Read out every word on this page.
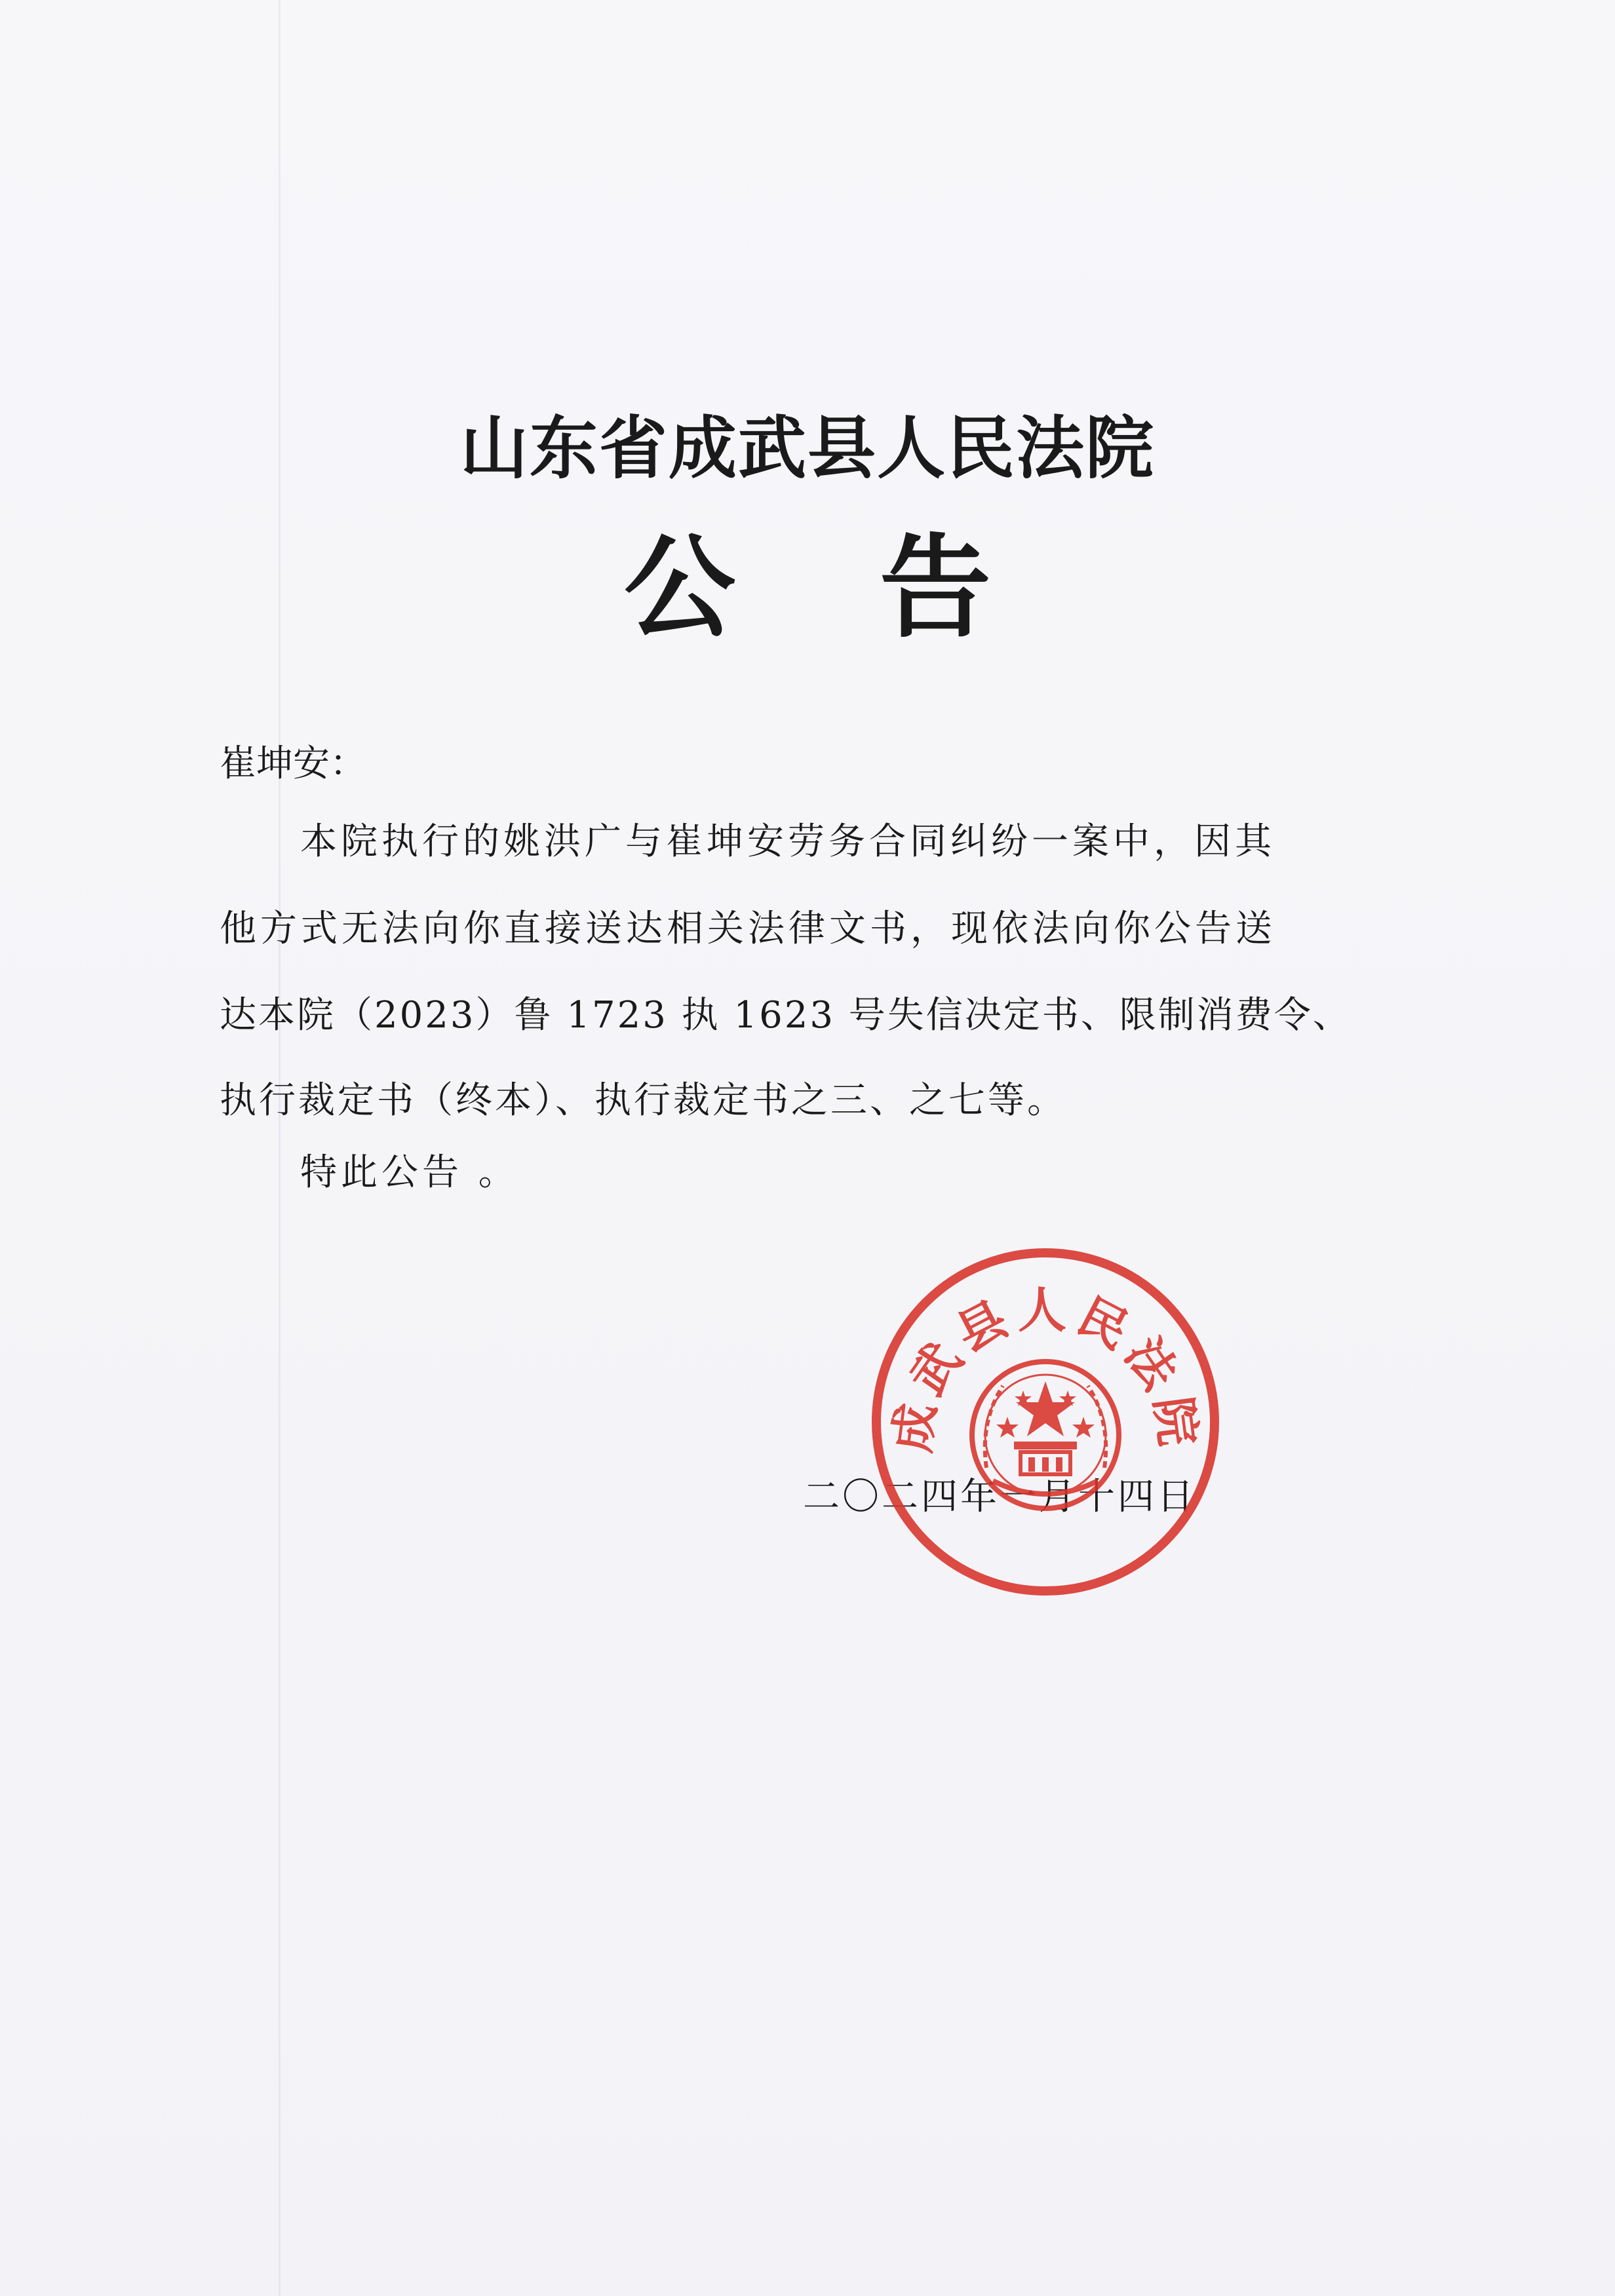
山东省成武县人民法院
公告
崔坤安：
本院执行的姚洪广与崔坤安劳务合同纠纷一案中，因其
他方式无法向你直接送达相关法律文书，现依法向你公告送
达本院（2023）鲁 1723 执 1623 号失信决定书、限制消费令、
执行裁定书（终本）、执行裁定书之三、之七等。
特此公告 。
二〇二四年一月十四日
成武县人民法院
